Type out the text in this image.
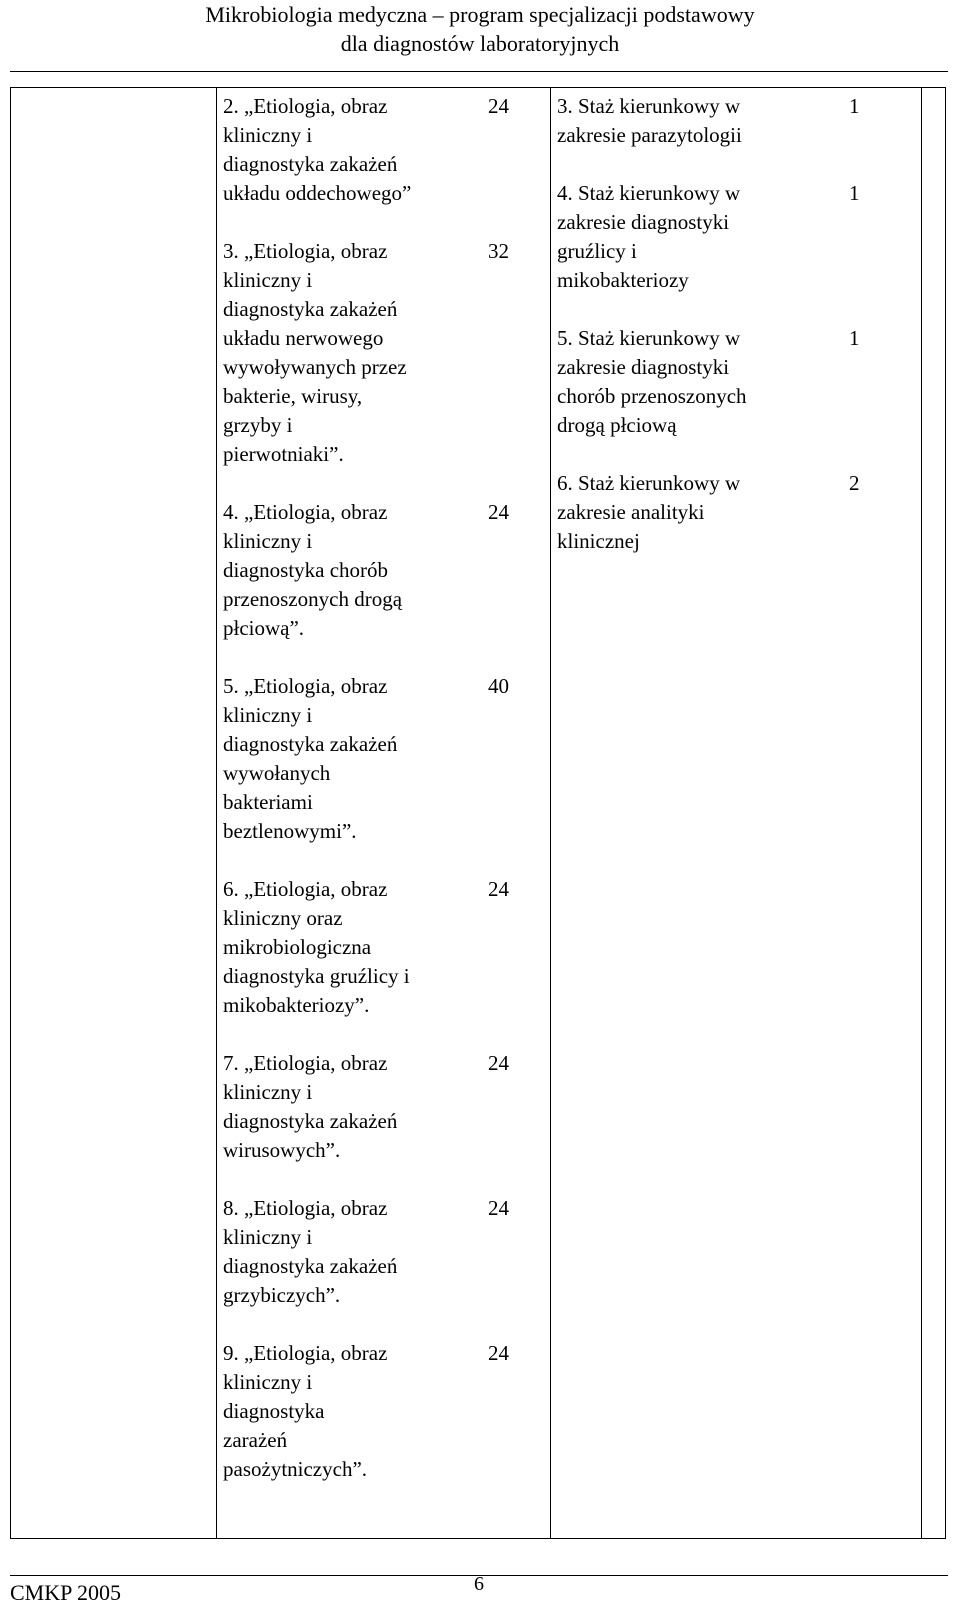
Mikrobiologia medyczna – program specjalizacji podstawowy
dla diagnostów laboratoryjnych
2. „Etiologia, obraz
kliniczny i
diagnostyka zakażeń
układu oddechowego”
3. „Etiologia, obraz
kliniczny i
diagnostyka zakażeń
układu nerwowego
wywoływanych przez
bakterie, wirusy,
grzyby i
pierwotniaki”.
4. „Etiologia, obraz
kliniczny i
diagnostyka chorób
przenoszonych drogą
płciową”.
5. „Etiologia, obraz
kliniczny i
diagnostyka zakażeń
wywołanych
bakteriami
beztlenowymi”.
6. „Etiologia, obraz
kliniczny oraz
mikrobiologiczna
diagnostyka gruźlicy i
mikobakteriozy”.
7. „Etiologia, obraz
kliniczny i
diagnostyka zakażeń
wirusowych”.
8. „Etiologia, obraz
kliniczny i
diagnostyka zakażeń
grzybiczych”.
9. „Etiologia, obraz
kliniczny i
diagnostyka
zarażeń
pasożytniczych”.
24
32
24
40
24
24
24
24
3. Staż kierunkowy w
zakresie parazytologii
4. Staż kierunkowy w
zakresie diagnostyki
gruźlicy i
mikobakteriozy
5. Staż kierunkowy w
zakresie diagnostyki
chorób przenoszonych
drogą płciową
6. Staż kierunkowy w
zakresie analityki
klinicznej
1
1
1
2
CMKP 2005	6
